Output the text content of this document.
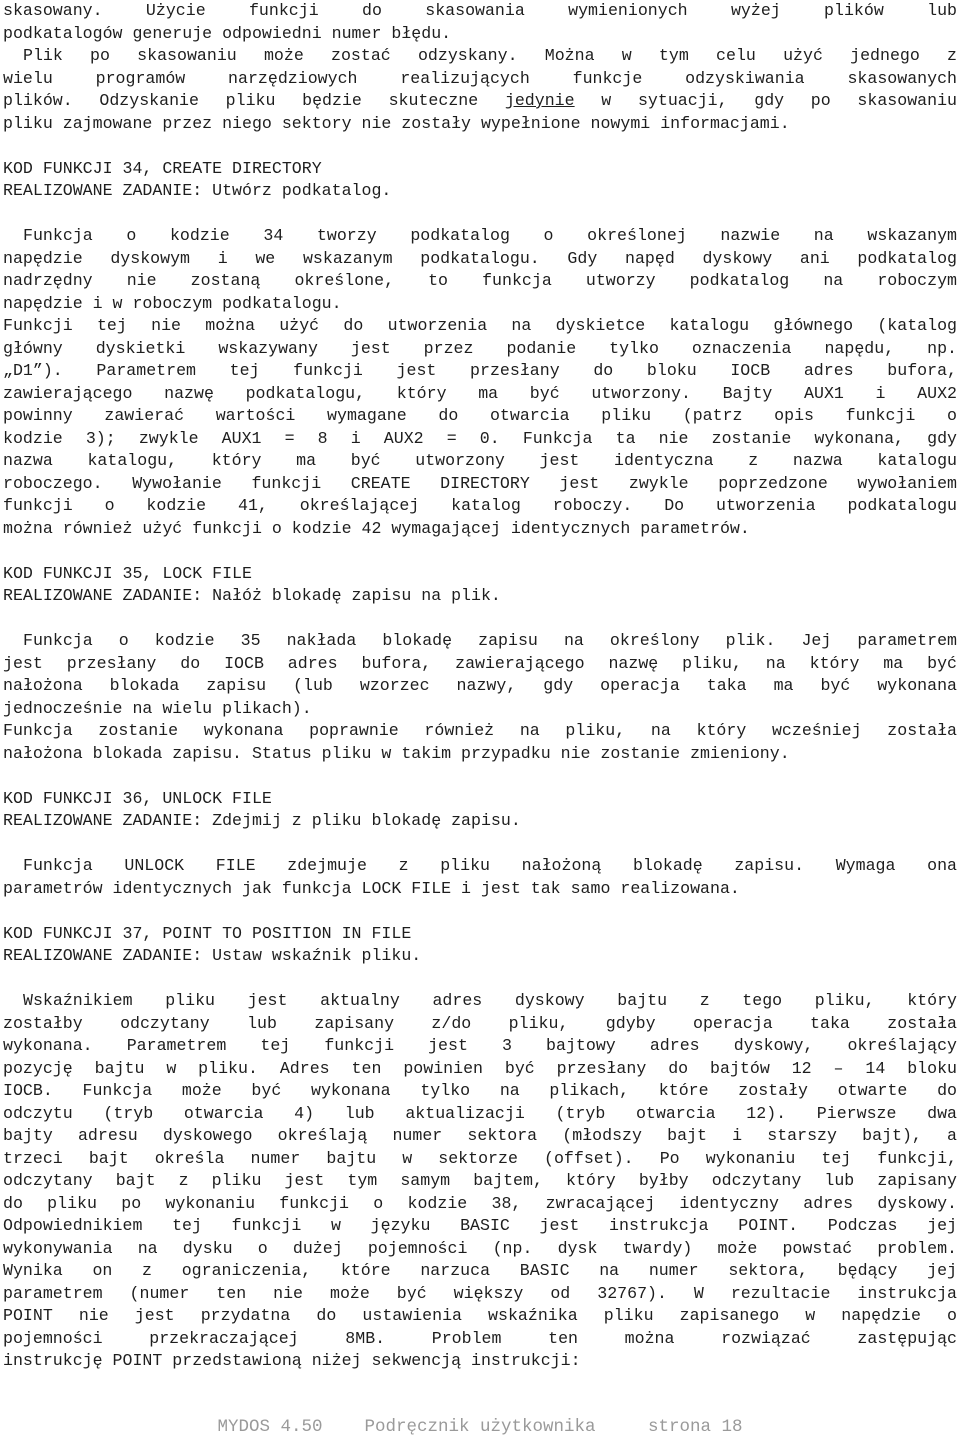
skasowany. Użycie funkcji do skasowania wymienionych wyżej plików lub

podkatalogów generuje odpowiedni numer błędu.

Plik po skasowaniu może zostać odzyskany. Można w tym celu użyć jednego z

wielu programów narzędziowych realizujących funkcje odzyskiwania skasowanych

plików. Odzyskanie pliku będzie skuteczne jedynie w sytuacji, gdy po skasowaniu

pliku zajmowane przez niego sektory nie zostały wypełnione nowymi informacjami.

KOD FUNKCJI 34, CREATE DIRECTORY

REALIZOWANE ZADANIE: Utwórz podkatalog.

Funkcja o kodzie 34 tworzy podkatalog o określonej nazwie na wskazanym

napędzie dyskowym i we wskazanym podkatalogu. Gdy napęd dyskowy ani podkatalog

nadrzędny nie zostaną określone, to funkcja utworzy podkatalog na roboczym

napędzie i w roboczym podkatalogu.

Funkcji tej nie można użyć do utworzenia na dyskietce katalogu głównego (katalog

główny dyskietki wskazywany jest przez podanie tylko oznaczenia napędu, np.

„D1”). Parametrem tej funkcji jest przesłany do bloku IOCB adres bufora,

zawierającego nazwę podkatalogu, który ma być utworzony. Bajty AUX1 i AUX2

powinny zawierać wartości wymagane do otwarcia pliku (patrz opis funkcji o

kodzie 3); zwykle AUX1 = 8 i AUX2 = 0. Funkcja ta nie zostanie wykonana, gdy

nazwa katalogu, który ma być utworzony jest identyczna z nazwa katalogu

roboczego. Wywołanie funkcji CREATE DIRECTORY jest zwykle poprzedzone wywołaniem

funkcji o kodzie 41, określającej katalog roboczy. Do utworzenia podkatalogu

można również użyć funkcji o kodzie 42 wymagającej identycznych parametrów.

KOD FUNKCJI 35, LOCK FILE

REALIZOWANE ZADANIE: Nałóż blokadę zapisu na plik.

Funkcja o kodzie 35 nakłada blokadę zapisu na określony plik. Jej parametrem

jest przesłany do IOCB adres bufora, zawierającego nazwę pliku, na który ma być

nałożona blokada zapisu (lub wzorzec nazwy, gdy operacja taka ma być wykonana

jednocześnie na wielu plikach).

Funkcja zostanie wykonana poprawnie również na pliku, na który wcześniej została

nałożona blokada zapisu. Status pliku w takim przypadku nie zostanie zmieniony.

KOD FUNKCJI 36, UNLOCK FILE

REALIZOWANE ZADANIE: Zdejmij z pliku blokadę zapisu.

Funkcja UNLOCK FILE zdejmuje z pliku nałożoną blokadę zapisu. Wymaga ona

parametrów identycznych jak funkcja LOCK FILE i jest tak samo realizowana.

KOD FUNKCJI 37, POINT TO POSITION IN FILE

REALIZOWANE ZADANIE: Ustaw wskaźnik pliku.

Wskaźnikiem pliku jest aktualny adres dyskowy bajtu z tego pliku, który

zostałby odczytany lub zapisany z/do pliku, gdyby operacja taka została

wykonana. Parametrem tej funkcji jest 3 bajtowy adres dyskowy, określający

pozycję bajtu w pliku. Adres ten powinien być przesłany do bajtów 12 – 14 bloku

IOCB. Funkcja może być wykonana tylko na plikach, które zostały otwarte do

odczytu (tryb otwarcia 4) lub aktualizacji (tryb otwarcia 12). Pierwsze dwa

bajty adresu dyskowego określają numer sektora (młodszy bajt i starszy bajt), a

trzeci bajt określa numer bajtu w sektorze (offset). Po wykonaniu tej funkcji,

odczytany bajt z pliku jest tym samym bajtem, który byłby odczytany lub zapisany

do pliku po wykonaniu funkcji o kodzie 38, zwracającej identyczny adres dyskowy.

Odpowiednikiem tej funkcji w języku BASIC jest instrukcja POINT. Podczas jej

wykonywania na dysku o dużej pojemności (np. dysk twardy) może powstać problem.

Wynika on z ograniczenia, które narzuca BASIC na numer sektora, będący jej

parametrem (numer ten nie może być większy od 32767). W rezultacie instrukcja

POINT nie jest przydatna do ustawienia wskaźnika pliku zapisanego w napędzie o

pojemności przekraczającej 8MB. Problem ten można rozwiązać zastępując

instrukcję POINT przedstawioną niżej sekwencją instrukcji:

MYDOS 4.50 Podręcznik użytkownika	strona 18
